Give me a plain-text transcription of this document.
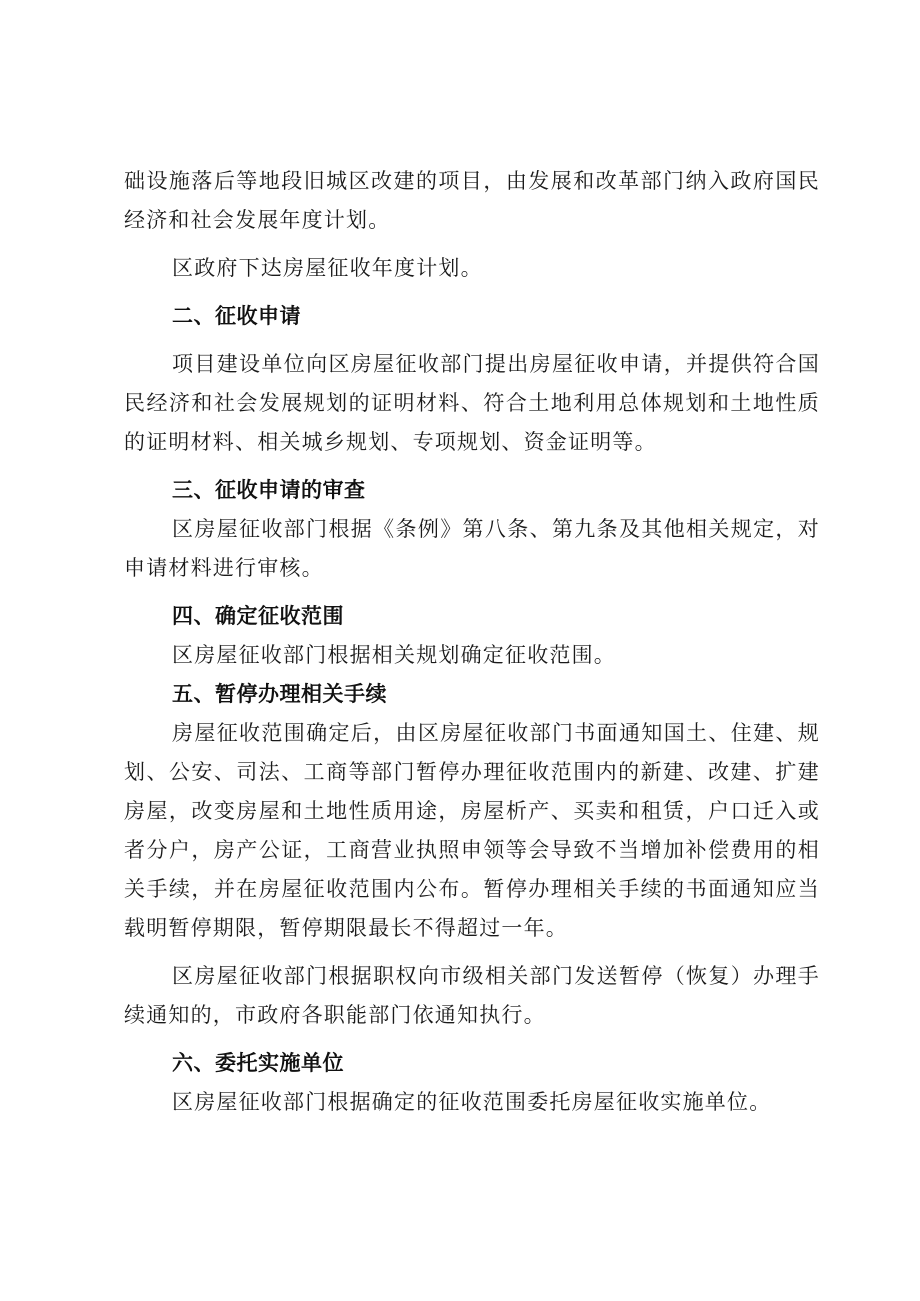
础设施落后等地段旧城区改建的项目，由发展和改革部门纳入政府国民经济和社会发展年度计划。

区政府下达房屋征收年度计划。

二、征收申请

项目建设单位向区房屋征收部门提出房屋征收申请，并提供符合国民经济和社会发展规划的证明材料、符合土地利用总体规划和土地性质的证明材料、相关城乡规划、专项规划、资金证明等。

三、征收申请的审查

区房屋征收部门根据《条例》第八条、第九条及其他相关规定，对申请材料进行审核。

四、确定征收范围

区房屋征收部门根据相关规划确定征收范围。

五、暂停办理相关手续

房屋征收范围确定后，由区房屋征收部门书面通知国土、住建、规划、公安、司法、工商等部门暂停办理征收范围内的新建、改建、扩建房屋，改变房屋和土地性质用途，房屋析产、买卖和租赁，户口迁入或者分户，房产公证，工商营业执照申领等会导致不当增加补偿费用的相关手续，并在房屋征收范围内公布。暂停办理相关手续的书面通知应当载明暂停期限，暂停期限最长不得超过一年。

区房屋征收部门根据职权向市级相关部门发送暂停（恢复）办理手续通知的，市政府各职能部门依通知执行。

六、委托实施单位

区房屋征收部门根据确定的征收范围委托房屋征收实施单位。
